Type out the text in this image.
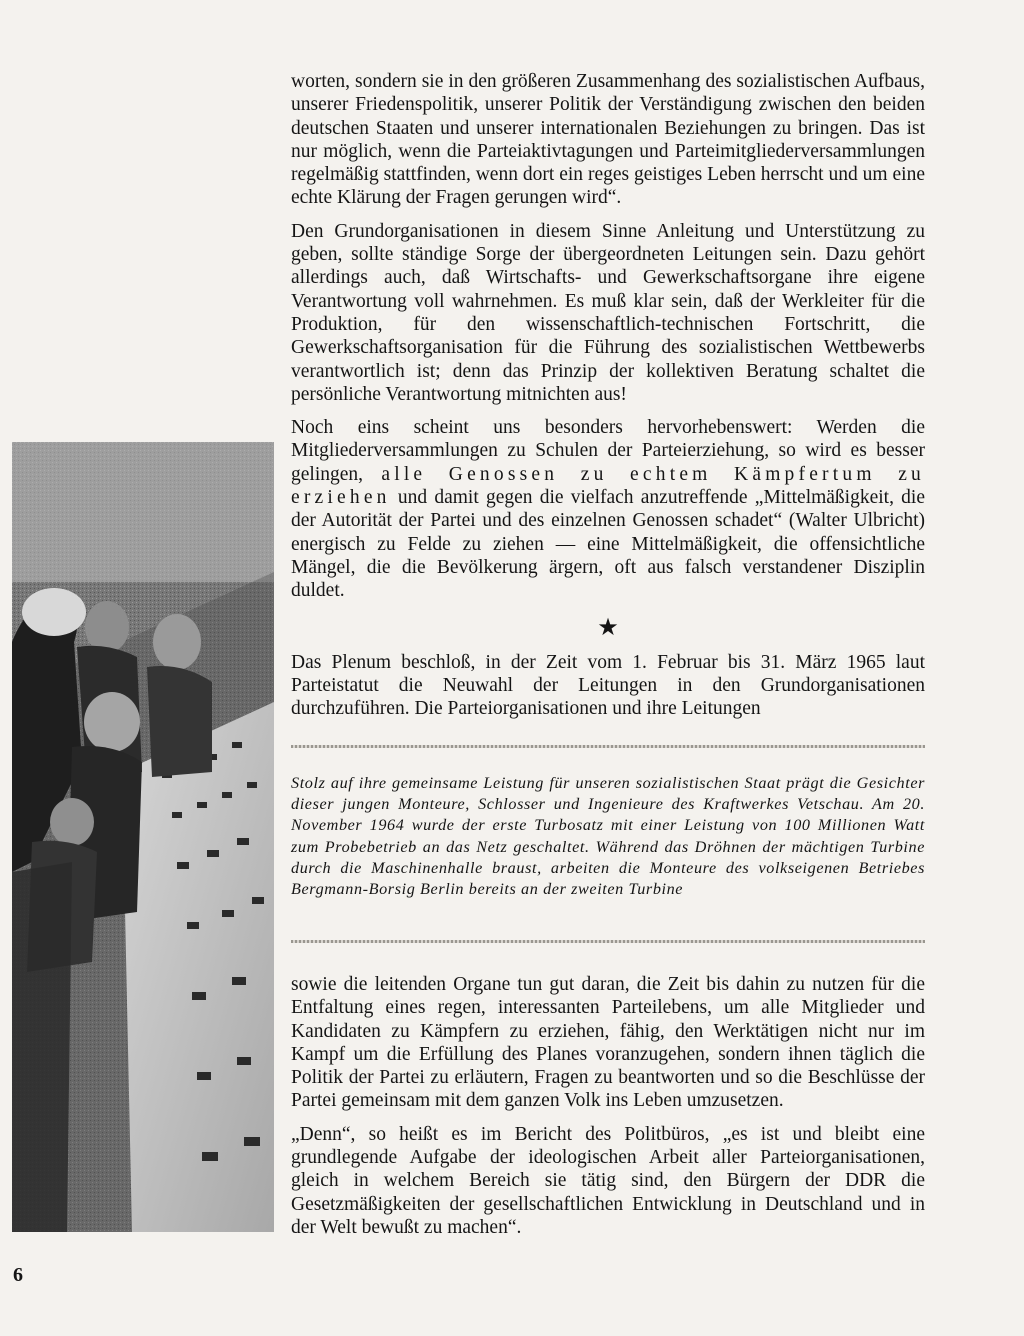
worten, sondern sie in den größeren Zusammenhang des sozialistischen Aufbaus, unserer Friedenspolitik, unserer Politik der Verständigung zwischen den beiden deutschen Staaten und unserer internationalen Beziehungen zu bringen. Das ist nur möglich, wenn die Parteiaktivtagungen und Parteimitgliederversammlungen regelmäßig stattfinden, wenn dort ein reges geistiges Leben herrscht und um eine echte Klärung der Fragen gerungen wird“.

Den Grundorganisationen in diesem Sinne Anleitung und Unterstützung zu geben, sollte ständige Sorge der übergeordneten Leitungen sein. Dazu gehört allerdings auch, daß Wirtschafts- und Gewerkschaftsorgane ihre eigene Verantwortung voll wahrnehmen. Es muß klar sein, daß der Werkleiter für die Produktion, für den wissenschaftlich-technischen Fortschritt, die Gewerkschaftsorganisation für die Führung des sozialistischen Wettbewerbs verantwortlich ist; denn das Prinzip der kollektiven Beratung schaltet die persönliche Verantwortung mitnichten aus!

Noch eins scheint uns besonders hervorhebenswert: Werden die Mitgliederversammlungen zu Schulen der Parteierziehung, so wird es besser gelingen, alle Genossen zu echtem Kämpfertum zu erziehen und damit gegen die vielfach anzutreffende „Mittelmäßigkeit, die der Autorität der Partei und des einzelnen Genossen schadet“ (Walter Ulbricht) energisch zu Felde zu ziehen — eine Mittelmäßigkeit, die offensichtliche Mängel, die die Bevölkerung ärgern, oft aus falsch verstandener Disziplin duldet.

★

Das Plenum beschloß, in der Zeit vom 1. Februar bis 31. März 1965 laut Parteistatut die Neuwahl der Leitungen in den Grundorganisationen durchzuführen. Die Parteiorganisationen und ihre Leitungen

Stolz auf ihre gemeinsame Leistung für unseren sozialistischen Staat prägt die Gesichter dieser jungen Monteure, Schlosser und Ingenieure des Kraftwerkes Vetschau. Am 20. November 1964 wurde der erste Turbosatz mit einer Leistung von 100 Millionen Watt zum Probebetrieb an das Netz geschaltet. Während das Dröhnen der mächtigen Turbine durch die Maschinenhalle braust, arbeiten die Monteure des volkseigenen Betriebes Bergmann-Borsig Berlin bereits an der zweiten Turbine

sowie die leitenden Organe tun gut daran, die Zeit bis dahin zu nutzen für die Entfaltung eines regen, interessanten Parteilebens, um alle Mitglieder und Kandidaten zu Kämpfern zu erziehen, fähig, den Werktätigen nicht nur im Kampf um die Erfüllung des Planes voranzugehen, sondern ihnen täglich die Politik der Partei zu erläutern, Fragen zu beantworten und so die Beschlüsse der Partei gemeinsam mit dem ganzen Volk ins Leben umzusetzen.

„Denn“, so heißt es im Bericht des Politbüros, „es ist und bleibt eine grundlegende Aufgabe der ideologischen Arbeit aller Parteiorganisationen, gleich in welchem Bereich sie tätig sind, den Bürgern der DDR die Gesetzmäßigkeiten der gesellschaftlichen Entwicklung in Deutschland und in der Welt bewußt zu machen“.

6
